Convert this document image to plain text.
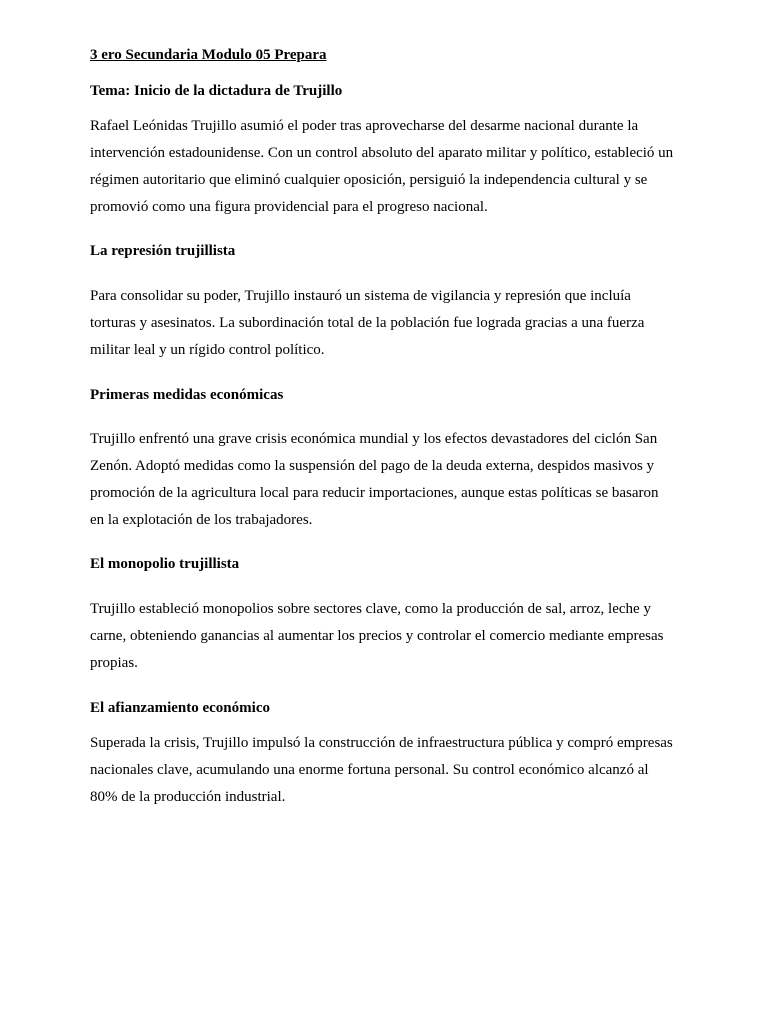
3 ero Secundaria Modulo 05 Prepara
Tema: Inicio de la dictadura de Trujillo
Rafael Leónidas Trujillo asumió el poder tras aprovecharse del desarme nacional durante la
intervención estadounidense. Con un control absoluto del aparato militar y político, estableció un
régimen autoritario que eliminó cualquier oposición, persiguió la independencia cultural y se
promovió como una figura providencial para el progreso nacional.
La represión trujillista
Para consolidar su poder, Trujillo instauró un sistema de vigilancia y represión que incluía
torturas y asesinatos. La subordinación total de la población fue lograda gracias a una fuerza
militar leal y un rígido control político.
Primeras medidas económicas
Trujillo enfrentó una grave crisis económica mundial y los efectos devastadores del ciclón San
Zenón. Adoptó medidas como la suspensión del pago de la deuda externa, despidos masivos y
promoción de la agricultura local para reducir importaciones, aunque estas políticas se basaron
en la explotación de los trabajadores.
El monopolio trujillista
Trujillo estableció monopolios sobre sectores clave, como la producción de sal, arroz, leche y
carne, obteniendo ganancias al aumentar los precios y controlar el comercio mediante empresas
propias.
El afianzamiento económico
Superada la crisis, Trujillo impulsó la construcción de infraestructura pública y compró empresas
nacionales clave, acumulando una enorme fortuna personal. Su control económico alcanzó al
80% de la producción industrial.
